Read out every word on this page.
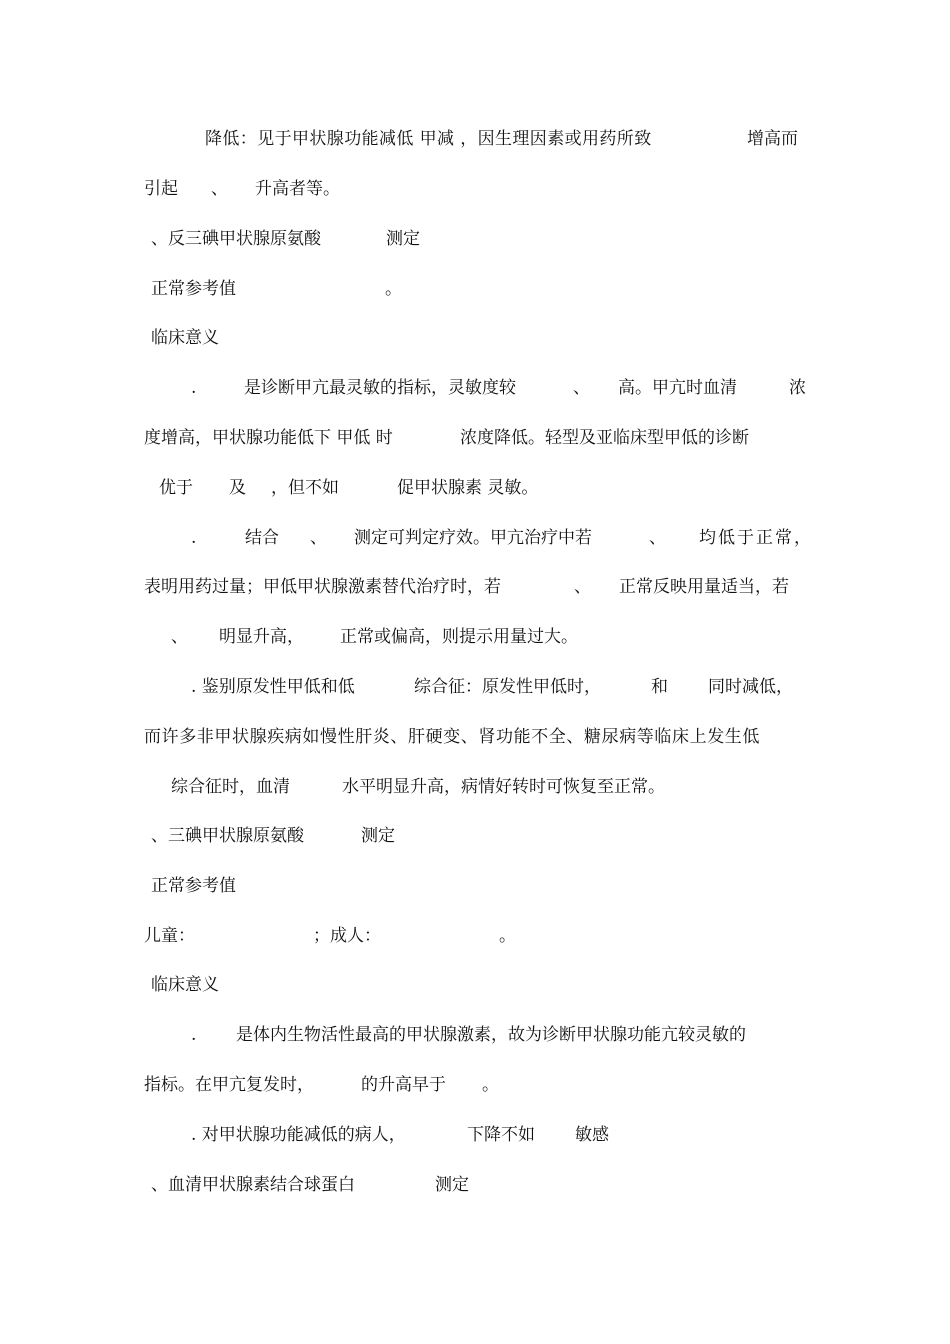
降低：见于甲状腺功能减低 甲减 ，因生理因素或用药所致

	增高而

引起

、

升高者等。

、反三碘甲状腺原氨酸

	测定

正常参考值

	。

临床意义

.

	是诊断甲亢最灵敏的指标，灵敏度较

	、

高。甲亢时血清

	浓

度增高，甲状腺功能低下 甲低 时

	浓度降低。轻型及亚临床型甲低的诊断

优于

及

，但不如

	促甲状腺素 灵敏。

.

	结合

、

测定可判定疗效。甲亢治疗中若

	、

均低于正常，

表明用药过量；甲低甲状腺激素替代治疗时，若

	、

正常反映用量适当，若

、

明显升高，

正常或偏高，则提示用量过大。

. 鉴别原发性甲低和低

	综合征：原发性甲低时，

	和

同时减低，

而许多非甲状腺疾病如慢性肝炎、肝硬变、肾功能不全、糖尿病等临床上发生低

综合征时，血清

	水平明显升高，病情好转时可恢复至正常。

、三碘甲状腺原氨酸

	测定

正常参考值

儿童：

	；成人：

	。

临床意义

.

是体内生物活性最高的甲状腺激素，故为诊断甲状腺功能亢较灵敏的

指标。在甲亢复发时，

	的升高早于

。

. 对甲状腺功能减低的病人，

	下降不如

敏感

、血清甲状腺素结合球蛋白

	测定
